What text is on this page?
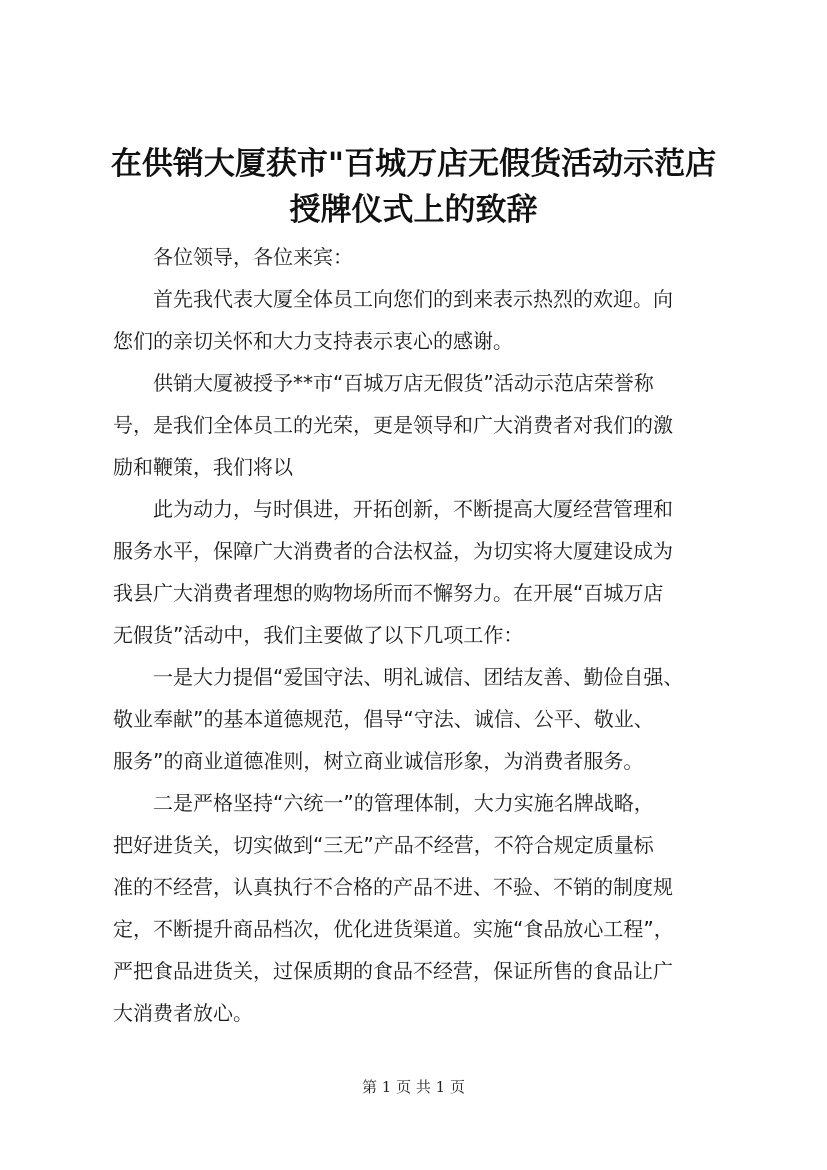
在供销大厦获市"百城万店无假货活动示范店
授牌仪式上的致辞
各位领导，各位来宾：
首先我代表大厦全体员工向您们的到来表示热烈的欢迎。向
您们的亲切关怀和大力支持表示衷心的感谢。
供销大厦被授予**市“百城万店无假货”活动示范店荣誉称
号，是我们全体员工的光荣，更是领导和广大消费者对我们的激
励和鞭策，我们将以
此为动力，与时俱进，开拓创新，不断提高大厦经营管理和
服务水平，保障广大消费者的合法权益，为切实将大厦建设成为
我县广大消费者理想的购物场所而不懈努力。在开展“百城万店
无假货”活动中，我们主要做了以下几项工作：
一是大力提倡“爱国守法、明礼诚信、团结友善、勤俭自强、
敬业奉献”的基本道德规范，倡导“守法、诚信、公平、敬业、
服务”的商业道德准则，树立商业诚信形象，为消费者服务。
二是严格坚持“六统一”的管理体制，大力实施名牌战略，
把好进货关，切实做到“三无”产品不经营，不符合规定质量标
准的不经营，认真执行不合格的产品不进、不验、不销的制度规
定，不断提升商品档次，优化进货渠道。实施“食品放心工程”，
严把食品进货关，过保质期的食品不经营，保证所售的食品让广
大消费者放心。
第 1 页 共 1 页
